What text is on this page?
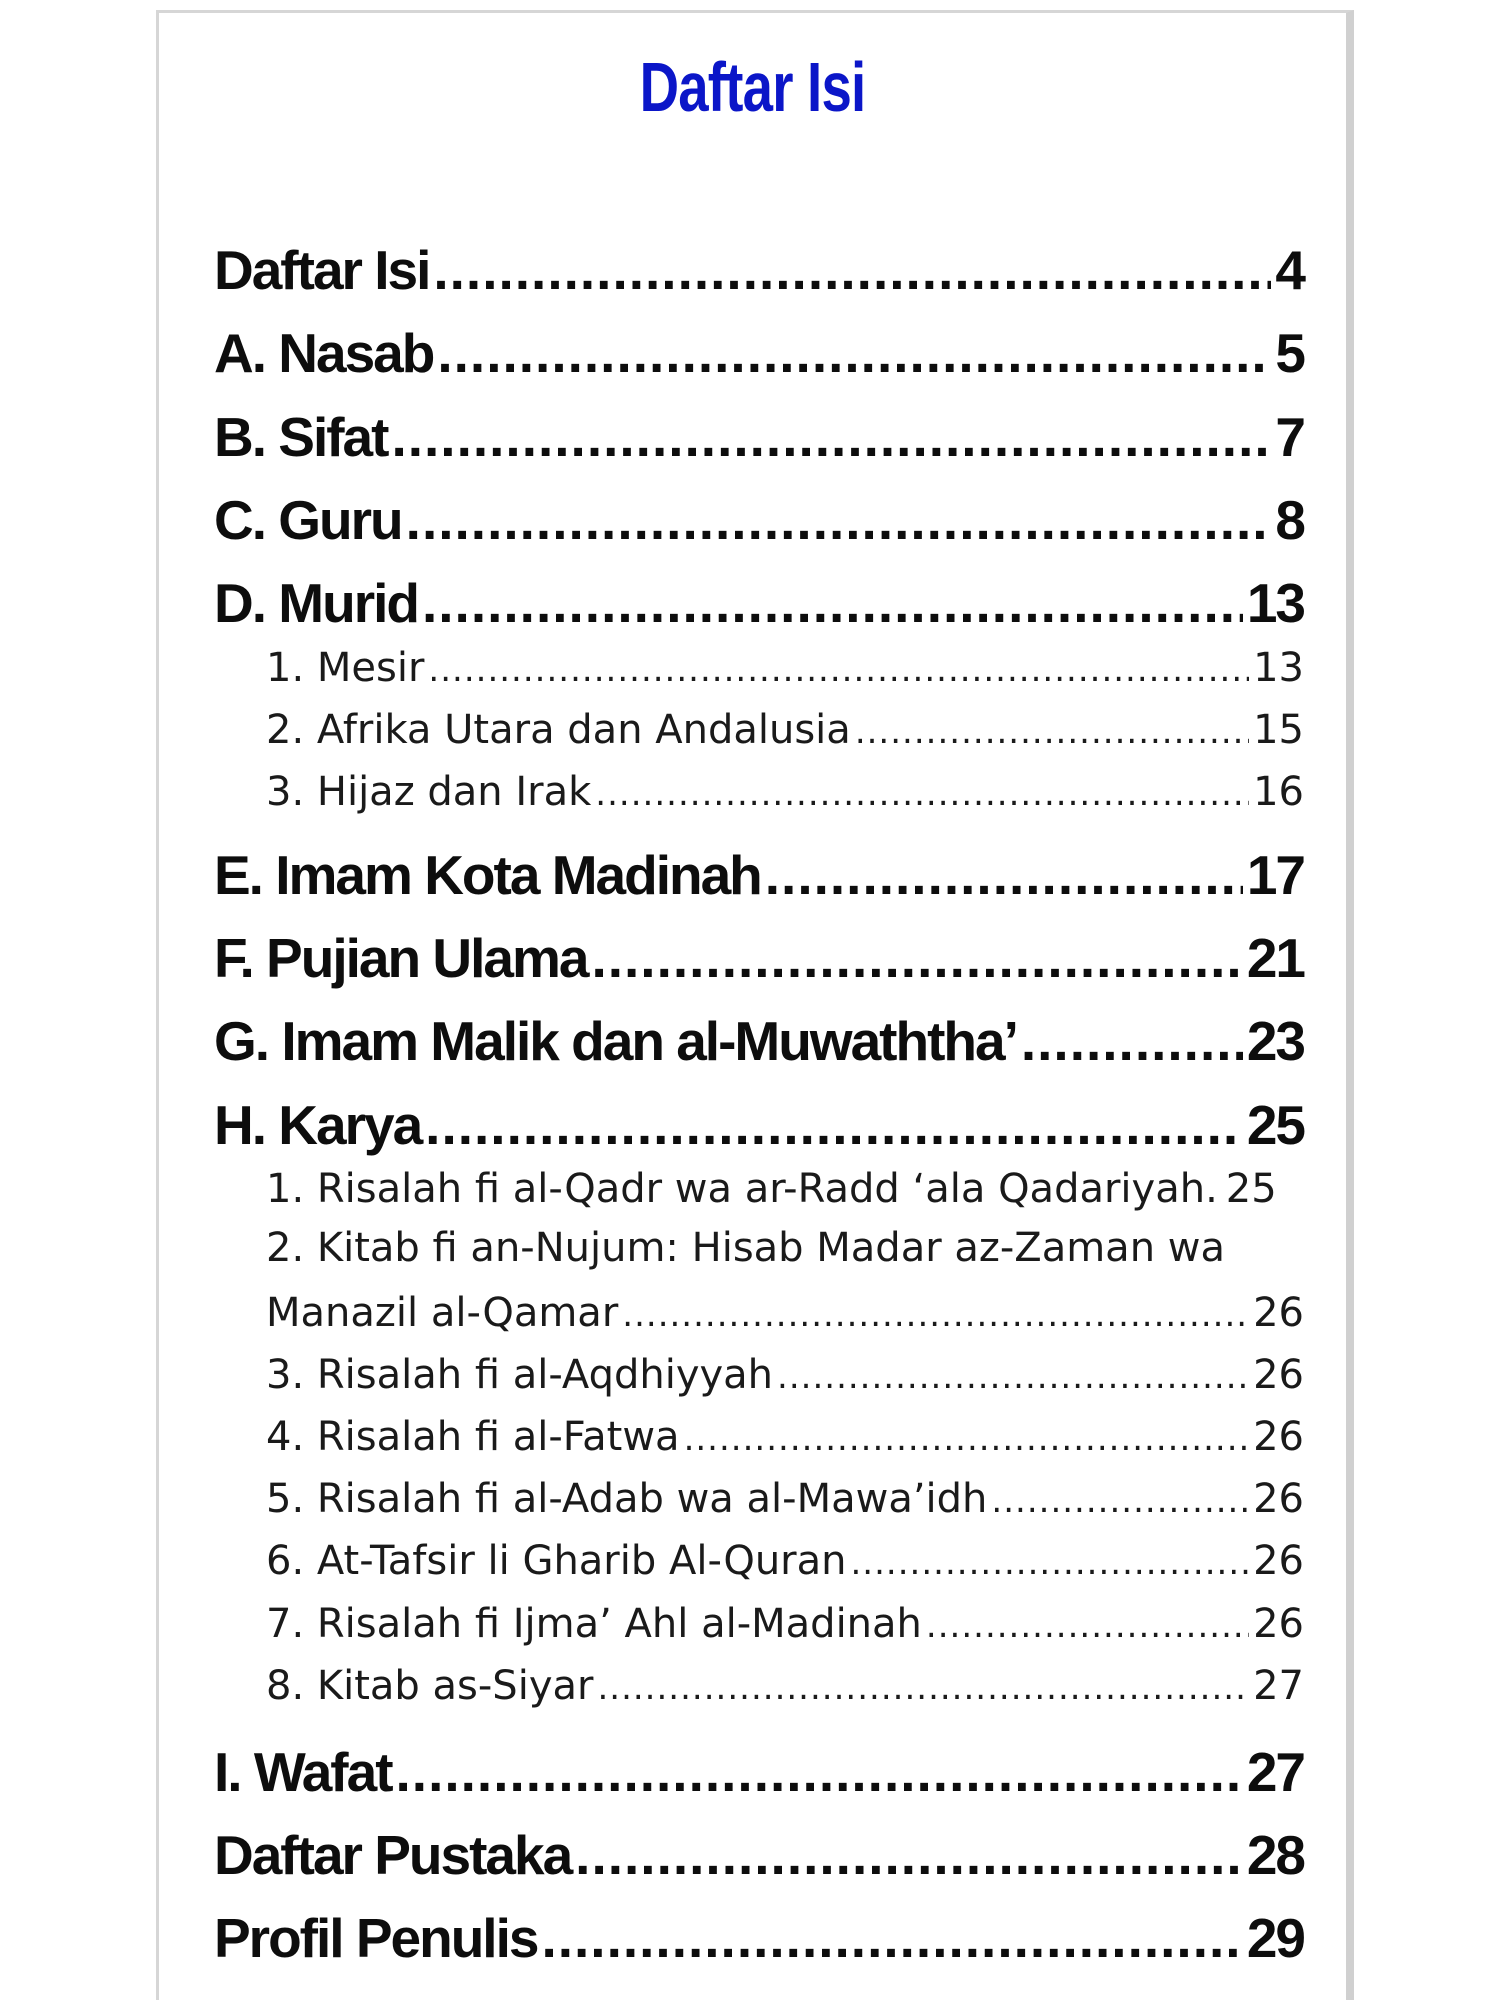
Daftar Isi
Daftar Isi .....	4
A. Nasab .....	5
B. Sifat .....	7
C. Guru .....	8
D. Murid .....	13
1. Mesir .....	13
2. Afrika Utara dan Andalusia .....	15
3. Hijaz dan Irak .....	16
E. Imam Kota Madinah .....	17
F. Pujian Ulama .....	21
G. Imam Malik dan al-Muwaththa’ .....	23
H. Karya .....	25
1. Risalah fi al-Qadr wa ar-Radd ‘ala Qadariyah. 25
2. Kitab fi an-Nujum: Hisab Madar az-Zaman wa
Manazil al-Qamar .....	26
3. Risalah fi al-Aqdhiyyah .....	26
4. Risalah fi al-Fatwa .....	26
5. Risalah fi al-Adab wa al-Mawa’idh .....	26
6. At-Tafsir li Gharib Al-Quran .....	26
7. Risalah fi Ijma’ Ahl al-Madinah .....	26
8. Kitab as-Siyar .....	27
I. Wafat .....	27
Daftar Pustaka .....	28
Profil Penulis .....	29
